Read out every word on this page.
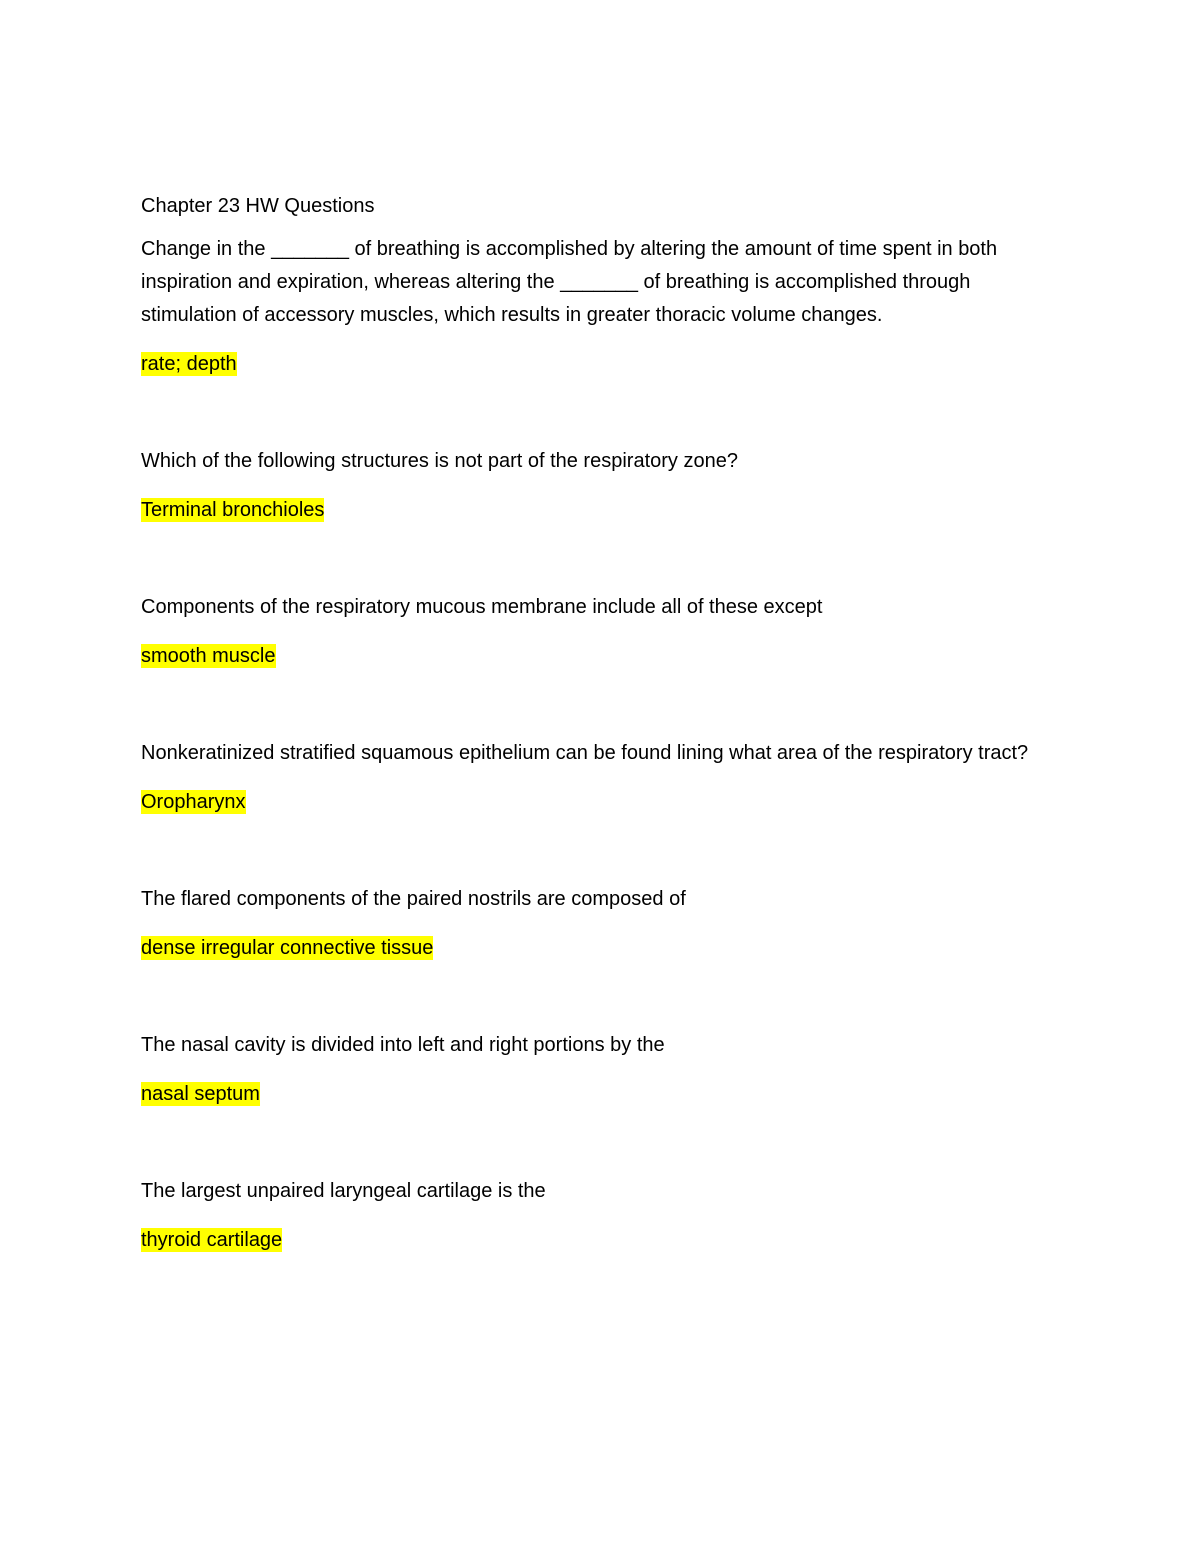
Chapter 23 HW Questions

Change in the _______ of breathing is accomplished by altering the amount of time spent in both inspiration and expiration, whereas altering the _______ of breathing is accomplished through stimulation of accessory muscles, which results in greater thoracic volume changes.

rate; depth

Which of the following structures is not part of the respiratory zone?

Terminal bronchioles

Components of the respiratory mucous membrane include all of these except

smooth muscle

Nonkeratinized stratified squamous epithelium can be found lining what area of the respiratory tract?

Oropharynx

The flared components of the paired nostrils are composed of

dense irregular connective tissue

The nasal cavity is divided into left and right portions by the

nasal septum

The largest unpaired laryngeal cartilage is the

thyroid cartilage
